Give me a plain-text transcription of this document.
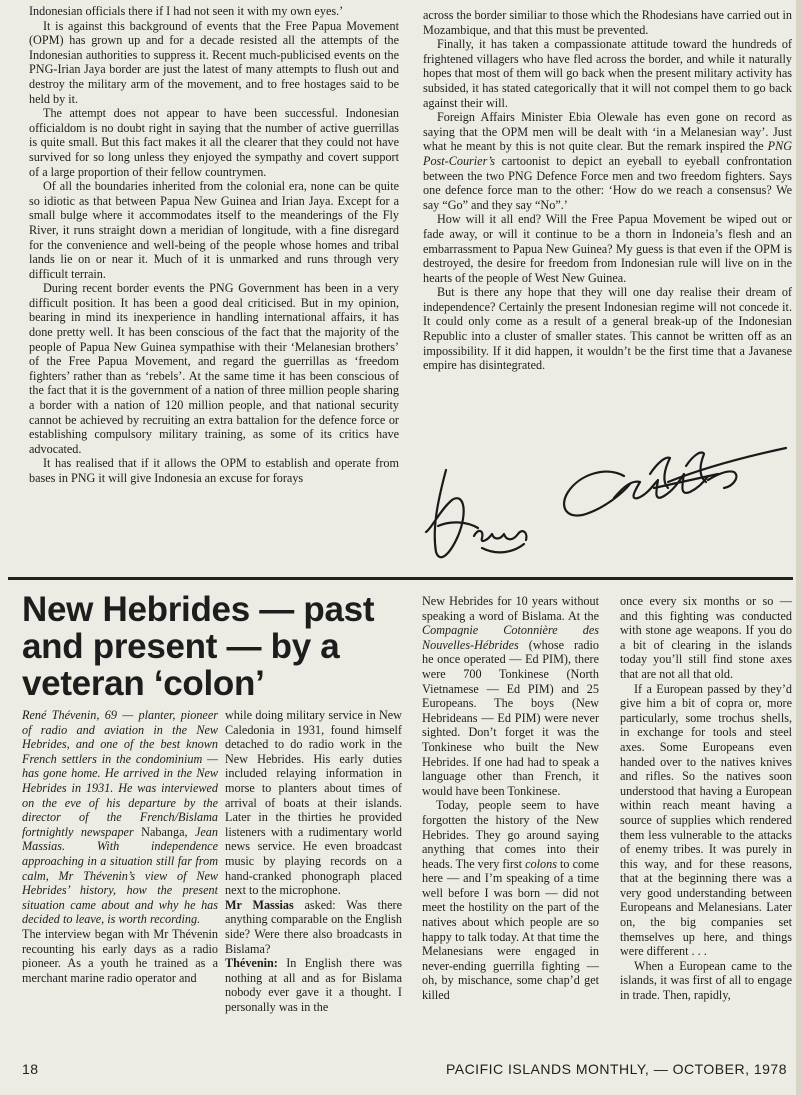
Indonesian officials there if I had not seen it with my own eyes.’

It is against this background of events that the Free Papua Movement (OPM) has grown up and for a decade resisted all the attempts of the Indonesian authorities to suppress it. Recent much-publicised events on the PNG-Irian Jaya border are just the latest of many attempts to flush out and destroy the military arm of the movement, and to free hostages said to be held by it.

The attempt does not appear to have been successful. Indonesian officialdom is no doubt right in saying that the number of active guerrillas is quite small. But this fact makes it all the clearer that they could not have survived for so long unless they enjoyed the sympathy and covert support of a large proportion of their fellow countrymen.

Of all the boundaries inherited from the colonial era, none can be quite so idiotic as that between Papua New Guinea and Irian Jaya. Except for a small bulge where it accommodates itself to the meanderings of the Fly River, it runs straight down a meridian of longitude, with a fine disregard for the convenience and well-being of the people whose homes and tribal lands lie on or near it. Much of it is unmarked and runs through very difficult terrain.

During recent border events the PNG Government has been in a very difficult position. It has been a good deal criticised. But in my opinion, bearing in mind its inexperience in handling international affairs, it has done pretty well. It has been conscious of the fact that the majority of the people of Papua New Guinea sympathise with their ‘Melanesian brothers’ of the Free Papua Movement, and regard the guerrillas as ‘freedom fighters’ rather than as ‘rebels’. At the same time it has been conscious of the fact that it is the government of a nation of three million people sharing a border with a nation of 120 million people, and that national security cannot be achieved by recruiting an extra battalion for the defence force or establishing compulsory military training, as some of its critics have advocated.

It has realised that if it allows the OPM to establish and operate from bases in PNG it will give Indonesia an excuse for forays

across the border similiar to those which the Rhodesians have carried out in Mozambique, and that this must be prevented.

Finally, it has taken a compassionate attitude toward the hundreds of frightened villagers who have fled across the border, and while it naturally hopes that most of them will go back when the present military activity has subsided, it has stated categorically that it will not compel them to go back against their will.

Foreign Affairs Minister Ebia Olewale has even gone on record as saying that the OPM men will be dealt with ‘in a Melanesian way’. Just what he meant by this is not quite clear. But the remark inspired the PNG Post-Courier’s cartoonist to depict an eyeball to eyeball confrontation between the two PNG Defence Force men and two freedom fighters. Says one defence force man to the other: ‘How do we reach a consensus? We say “Go” and they say “No”.’

How will it all end? Will the Free Papua Movement be wiped out or fade away, or will it continue to be a thorn in Indoneia’s flesh and an embarrassment to Papua New Guinea? My guess is that even if the OPM is destroyed, the desire for freedom from Indonesian rule will live on in the hearts of the people of West New Guinea.

But is there any hope that they will one day realise their dream of independence? Certainly the present Indonesian regime will not concede it. It could only come as a result of a general break-up of the Indonesian Republic into a cluster of smaller states. This cannot be written off as an impossibility. If it did happen, it wouldn’t be the first time that a Javanese empire has disintegrated.

New Hebrides — past and present — by a veteran ‘colon’

René Thévenin, 69 — planter, pioneer of radio and aviation in the New Hebrides, and one of the best known French settlers in the condominium — has gone home. He arrived in the New Hebrides in 1931. He was interviewed on the eve of his departure by the director of the French/Bislama fortnightly newspaper Nabanga, Jean Massias. With independence approaching in a situation still far from calm, Mr Thévenin’s view of New Hebrides’ history, how the present situation came about and why he has decided to leave, is worth recording.

The interview began with Mr Thévenin recounting his early days as a radio pioneer. As a youth he trained as a merchant marine radio operator and

while doing military service in New Caledonia in 1931, found himself detached to do radio work in the New Hebrides. His early duties included relaying information in morse to planters about times of arrival of boats at their islands. Later in the thirties he provided listeners with a rudimentary world news service. He even broadcast music by playing records on a hand-cranked phonograph placed next to the microphone.

Mr Massias asked: Was there anything comparable on the English side? Were there also broadcasts in Bislama?

Thévenin: In English there was nothing at all and as for Bislama nobody ever gave it a thought. I personally was in the

New Hebrides for 10 years without speaking a word of Bislama. At the Compagnie Cotonnière des Nouvelles-Hébrides (whose radio he once operated — Ed PIM), there were 700 Tonkinese (North Vietnamese — Ed PIM) and 25 Europeans. The boys (New Hebrideans — Ed PIM) were never sighted. Don’t forget it was the Tonkinese who built the New Hebrides. If one had had to speak a language other than French, it would have been Tonkinese.

Today, people seem to have forgotten the history of the New Hebrides. They go around saying anything that comes into their heads. The very first colons to come here — and I’m speaking of a time well before I was born — did not meet the hostility on the part of the natives about which people are so happy to talk today. At that time the Melanesians were engaged in never-ending guerrilla fighting — oh, by mischance, some chap’d get killed

once every six months or so — and this fighting was conducted with stone age weapons. If you do a bit of clearing in the islands today you’ll still find stone axes that are not all that old.

If a European passed by they’d give him a bit of copra or, more particularly, some trochus shells, in exchange for tools and steel axes. Some Europeans even handed over to the natives knives and rifles. So the natives soon understood that having a European within reach meant having a source of supplies which rendered them less vulnerable to the attacks of enemy tribes. It was purely in this way, and for these reasons, that at the beginning there was a very good understanding between Europeans and Melanesians. Later on, the big companies set themselves up here, and things were different . . .

When a European came to the islands, it was first of all to engage in trade. Then, rapidly,

18	PACIFIC ISLANDS MONTHLY, — OCTOBER, 1978
